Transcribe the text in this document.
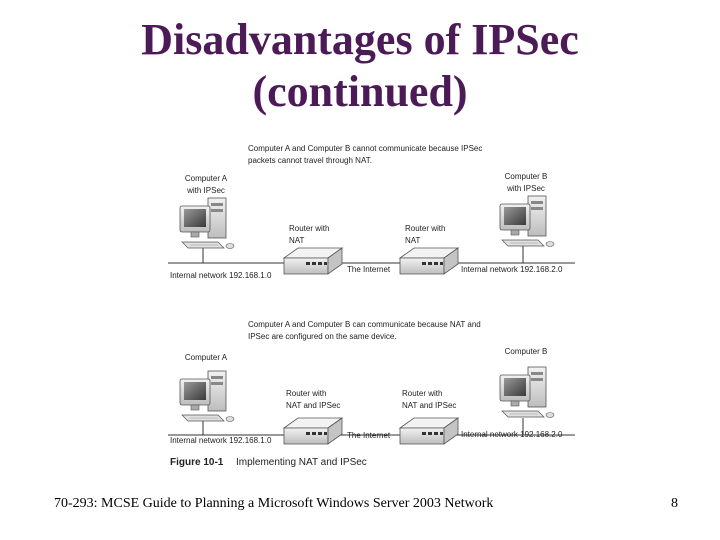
Disadvantages of IPSec
(continued)
Computer A and Computer B cannot communicate because IPSec
packets cannot travel through NAT.
Computer A
with IPSec
Computer B
with IPSec
Router with
NAT
Router with
NAT
The Internet
Internal network 192.168.1.0
Internal network 192.168.2.0
Computer A and Computer B can communicate because NAT and
IPSec are configured on the same device.
Computer A
Computer B
Router with
NAT and IPSec
Router with
NAT and IPSec
The Internet
Internal network 192.168.1.0
Internal network 192.168.2.0
Figure 10-1 Implementing NAT and IPSec
70-293: MCSE Guide to Planning a Microsoft Windows Server 2003 Network	8
